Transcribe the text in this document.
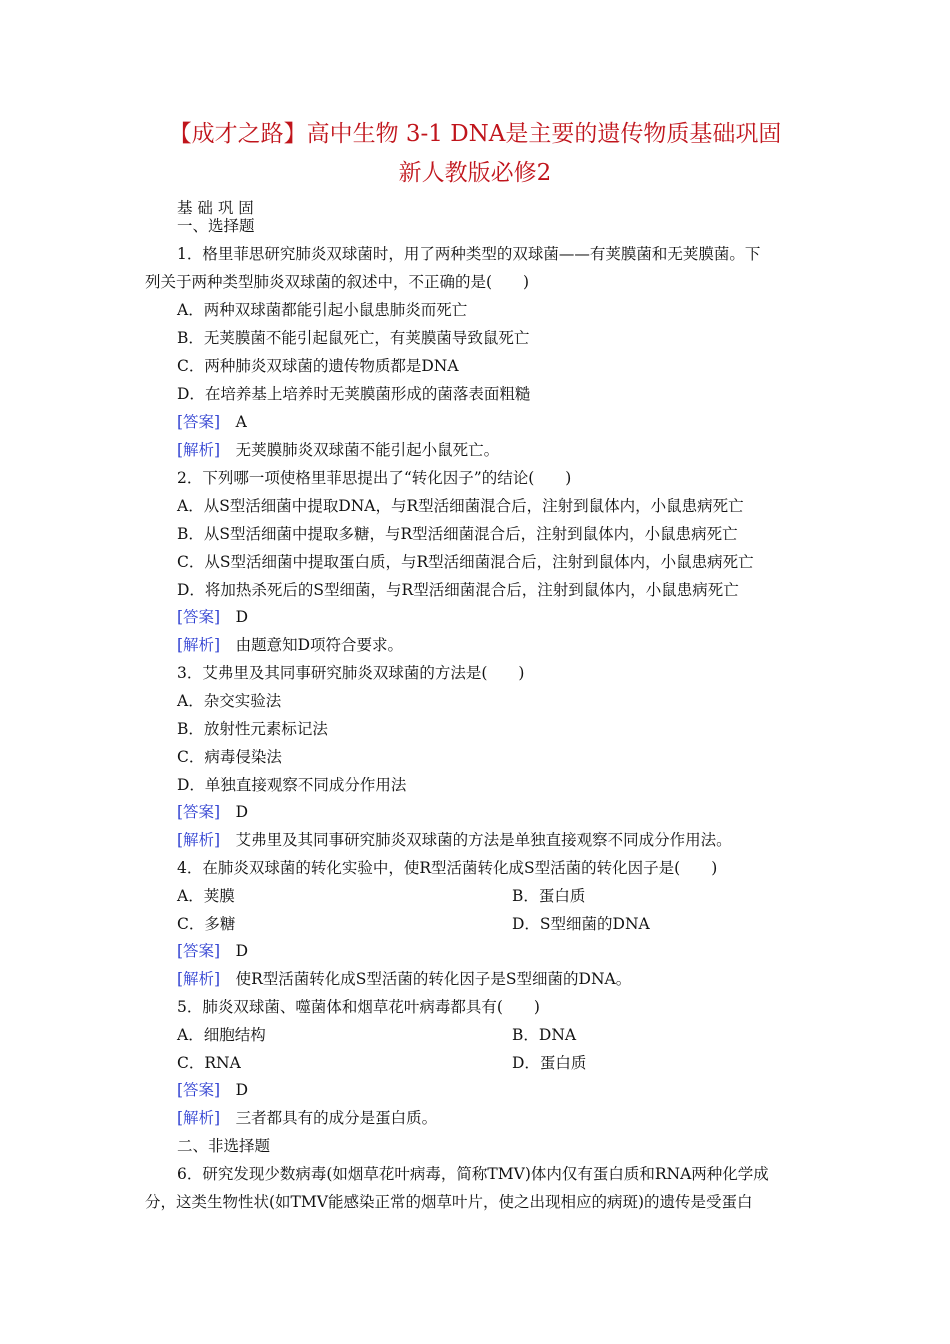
【成才之路】高中生物 3-1 DNA是主要的遗传物质基础巩固
新人教版必修2
基 础 巩 固
一、选择题
1．格里菲思研究肺炎双球菌时，用了两种类型的双球菌——有荚膜菌和无荚膜菌。下
列关于两种类型肺炎双球菌的叙述中，不正确的是(　　)
A．两种双球菌都能引起小鼠患肺炎而死亡
B．无荚膜菌不能引起鼠死亡，有荚膜菌导致鼠死亡
C．两种肺炎双球菌的遗传物质都是DNA
D．在培养基上培养时无荚膜菌形成的菌落表面粗糙
[答案]　 A
[解析]　 无荚膜肺炎双球菌不能引起小鼠死亡。
2．下列哪一项使格里菲思提出了“转化因子”的结论(　　)
A．从S型活细菌中提取DNA，与R型活细菌混合后，注射到鼠体内，小鼠患病死亡
B．从S型活细菌中提取多糖，与R型活细菌混合后，注射到鼠体内，小鼠患病死亡
C．从S型活细菌中提取蛋白质，与R型活细菌混合后，注射到鼠体内，小鼠患病死亡
D．将加热杀死后的S型细菌，与R型活细菌混合后，注射到鼠体内，小鼠患病死亡
[答案]　 D
[解析]　 由题意知D项符合要求。
3．艾弗里及其同事研究肺炎双球菌的方法是(　　)
A．杂交实验法
B．放射性元素标记法
C．病毒侵染法
D．单独直接观察不同成分作用法
[答案]　 D
[解析]　 艾弗里及其同事研究肺炎双球菌的方法是单独直接观察不同成分作用法。
4．在肺炎双球菌的转化实验中，使R型活菌转化成S型活菌的转化因子是(　　)
A．荚膜	B．蛋白质
C．多糖	D．S型细菌的DNA
[答案]　 D
[解析]　 使R型活菌转化成S型活菌的转化因子是S型细菌的DNA。
5．肺炎双球菌、噬菌体和烟草花叶病毒都具有(　　)
A．细胞结构	B．DNA
C．RNA	D．蛋白质
[答案]　 D
[解析]　 三者都具有的成分是蛋白质。
二、非选择题
6．研究发现少数病毒(如烟草花叶病毒，简称TMV)体内仅有蛋白质和RNA两种化学成
分，这类生物性状(如TMV能感染正常的烟草叶片，使之出现相应的病斑)的遗传是受蛋白
